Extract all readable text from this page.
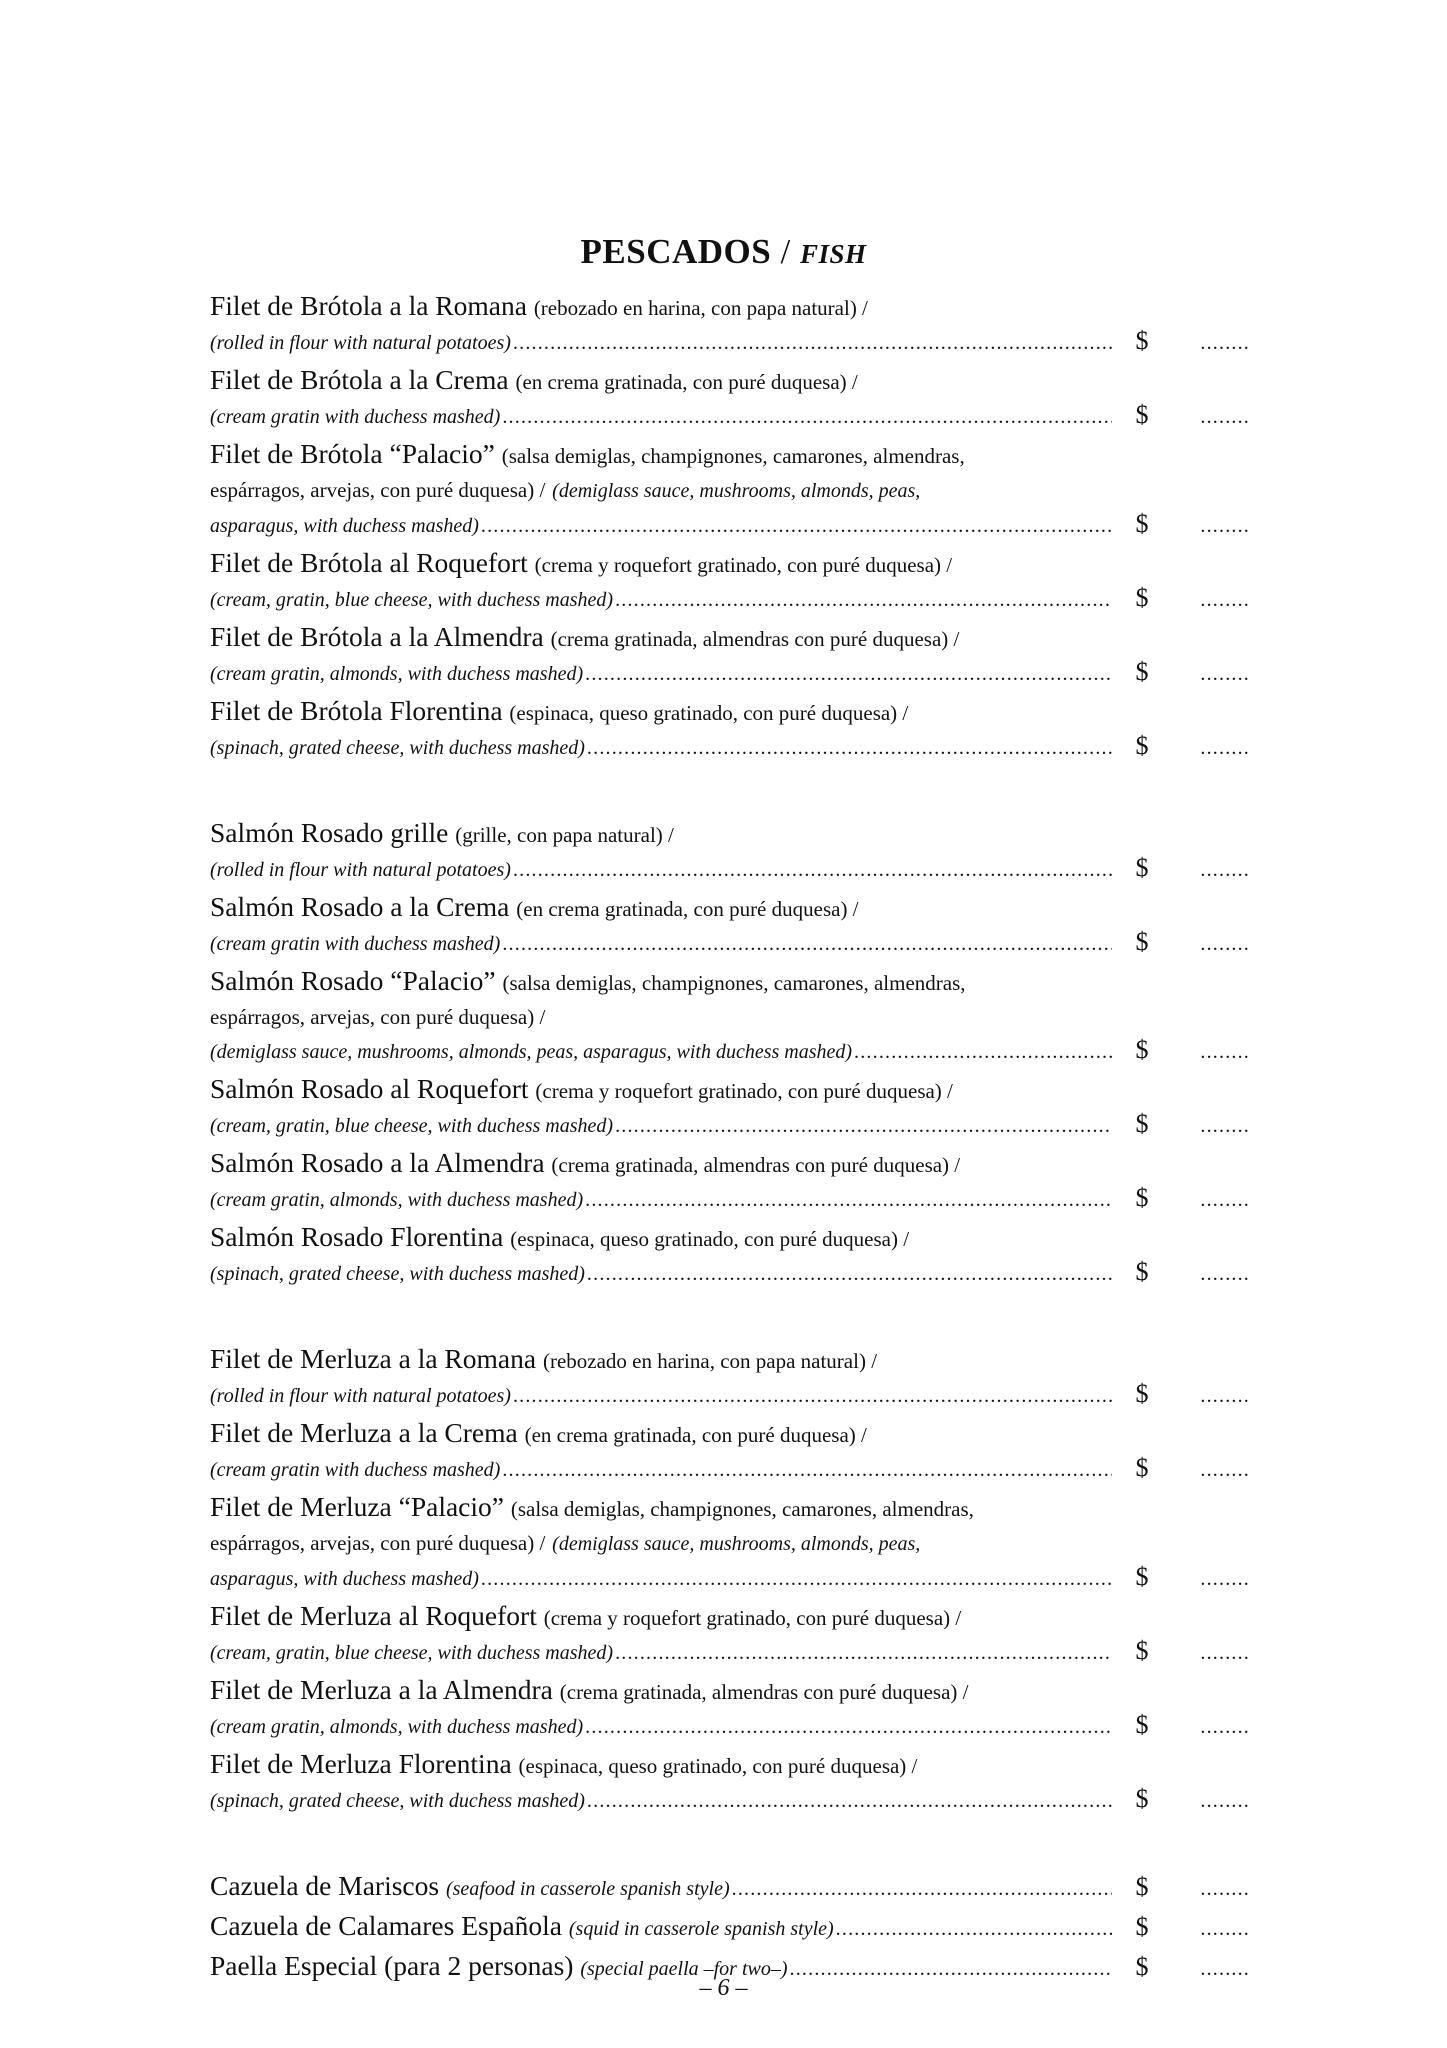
PESCADOS / FISH
Filet de Brótola a la Romana (rebozado en harina, con papa natural) /
(rolled in flour with natural potatoes) .....	$	........
Filet de Brótola a la Crema (en crema gratinada, con puré duquesa) /
(cream gratin with duchess mashed) .....	$	........
Filet de Brótola “Palacio” (salsa demiglas, champignones, camarones, almendras,
espárragos, arvejas, con puré duquesa) / (demiglass sauce, mushrooms, almonds, peas,
asparagus, with duchess mashed) .....	$	........
Filet de Brótola al Roquefort (crema y roquefort gratinado, con puré duquesa) /
(cream, gratin, blue cheese, with duchess mashed) .....	$	........
Filet de Brótola a la Almendra (crema gratinada, almendras con puré duquesa) /
(cream gratin, almonds, with duchess mashed) .....	$	........
Filet de Brótola Florentina (espinaca, queso gratinado, con puré duquesa) /
(spinach, grated cheese, with duchess mashed) .....	$	........
Salmón Rosado grille (grille, con papa natural) /
(rolled in flour with natural potatoes) .....	$	........
Salmón Rosado a la Crema (en crema gratinada, con puré duquesa) /
(cream gratin with duchess mashed) .....	$	........
Salmón Rosado “Palacio” (salsa demiglas, champignones, camarones, almendras,
espárragos, arvejas, con puré duquesa) /
(demiglass sauce, mushrooms, almonds, peas, asparagus, with duchess mashed) .....	$	........
Salmón Rosado al Roquefort (crema y roquefort gratinado, con puré duquesa) /
(cream, gratin, blue cheese, with duchess mashed) .....	$	........
Salmón Rosado a la Almendra (crema gratinada, almendras con puré duquesa) /
(cream gratin, almonds, with duchess mashed) .....	$	........
Salmón Rosado Florentina (espinaca, queso gratinado, con puré duquesa) /
(spinach, grated cheese, with duchess mashed) .....	$	........
Filet de Merluza a la Romana (rebozado en harina, con papa natural) /
(rolled in flour with natural potatoes) .....	$	........
Filet de Merluza a la Crema (en crema gratinada, con puré duquesa) /
(cream gratin with duchess mashed) .....	$	........
Filet de Merluza “Palacio” (salsa demiglas, champignones, camarones, almendras,
espárragos, arvejas, con puré duquesa) / (demiglass sauce, mushrooms, almonds, peas,
asparagus, with duchess mashed) .....	$	........
Filet de Merluza al Roquefort (crema y roquefort gratinado, con puré duquesa) /
(cream, gratin, blue cheese, with duchess mashed) .....	$	........
Filet de Merluza a la Almendra (crema gratinada, almendras con puré duquesa) /
(cream gratin, almonds, with duchess mashed) .....	$	........
Filet de Merluza Florentina (espinaca, queso gratinado, con puré duquesa) /
(spinach, grated cheese, with duchess mashed) .....	$	........
Cazuela de Mariscos (seafood in casserole spanish style) .....	$	........
Cazuela de Calamares Española (squid in casserole spanish style) .....	$	........
Paella Especial (para 2 personas) (special paella –for two–) .....	$	........
– 6 –
